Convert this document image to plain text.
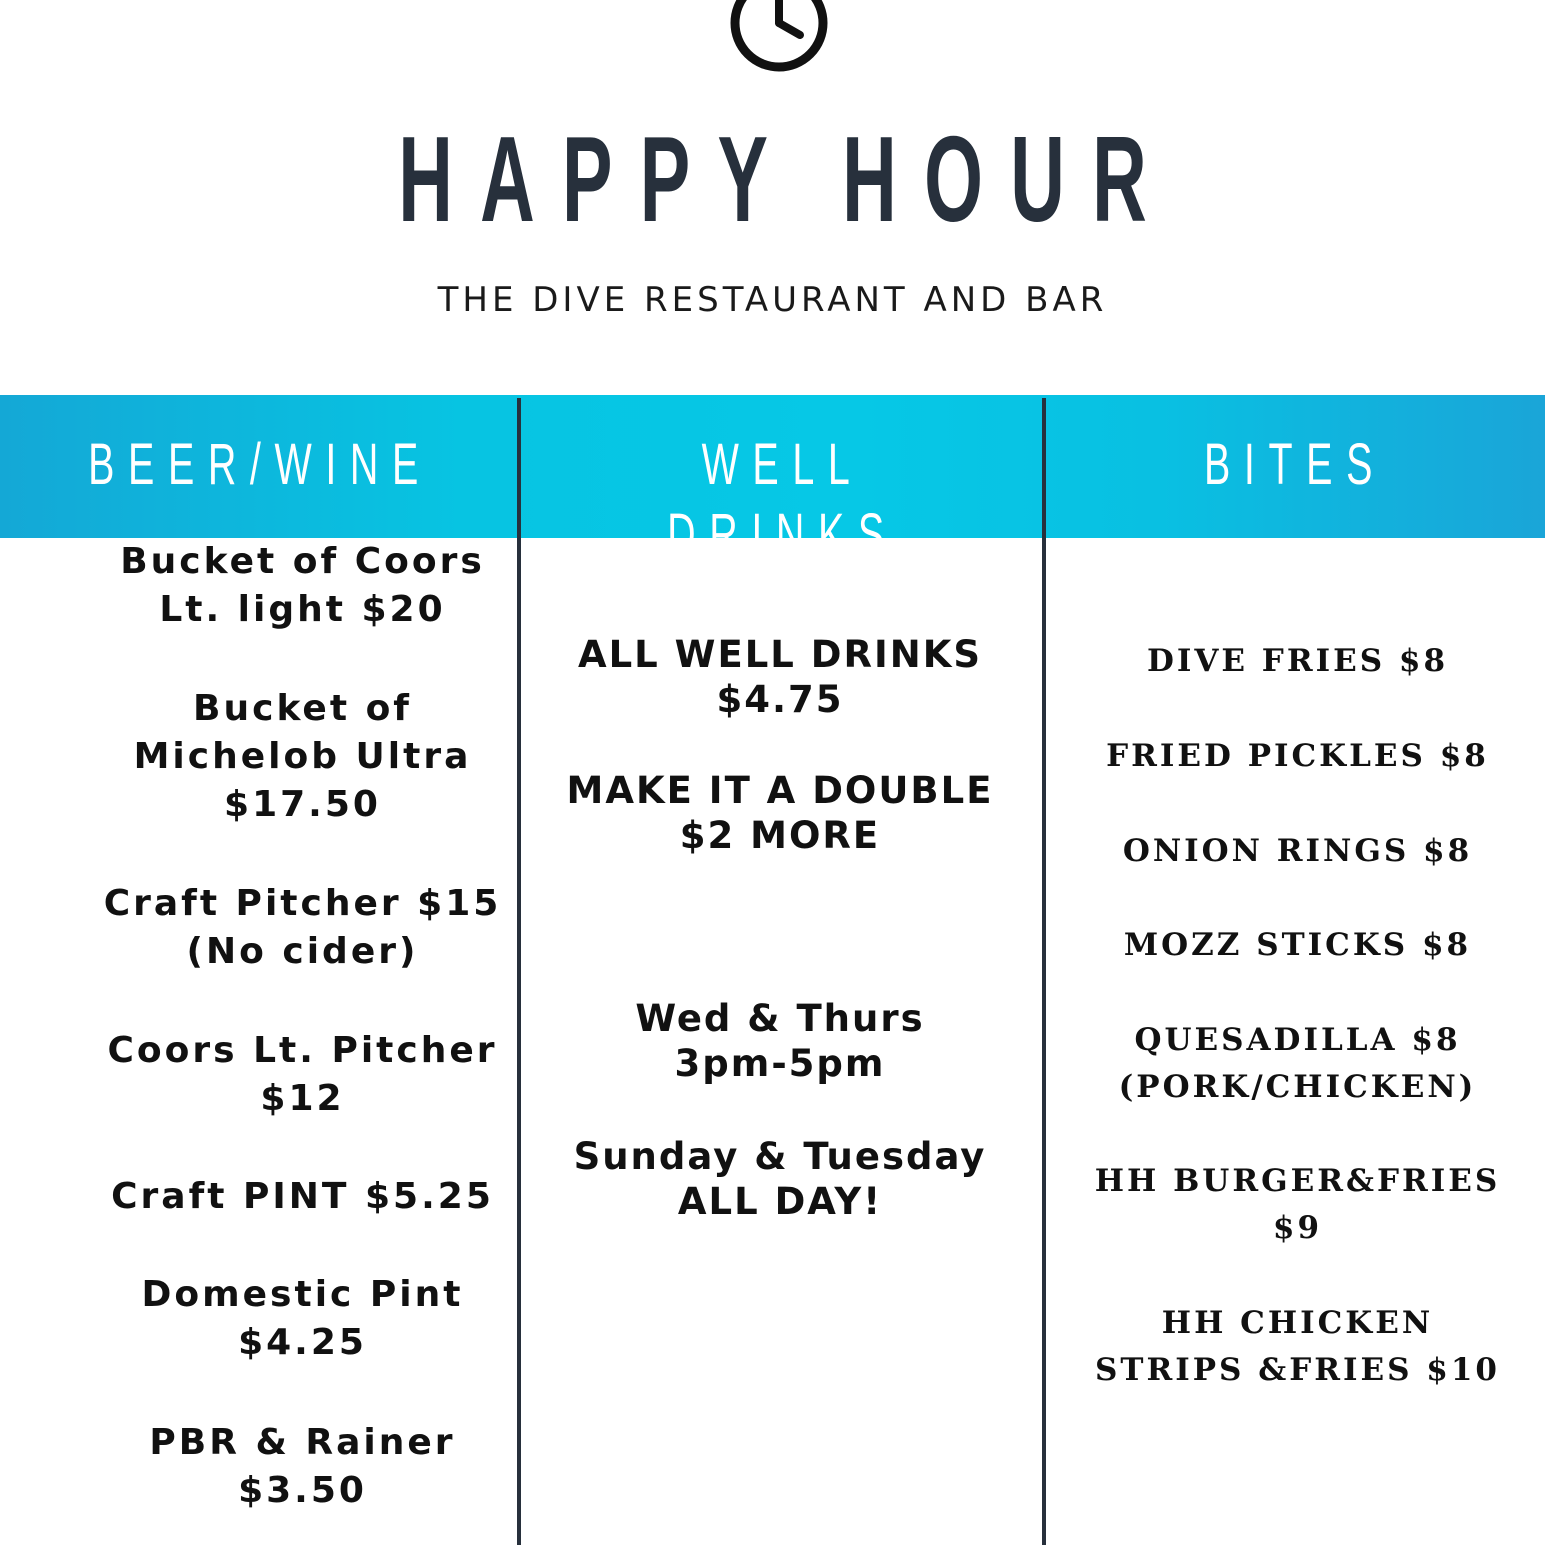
HAPPY HOUR
THE DIVE RESTAURANT AND BAR
BEER/WINE	WELL DRINKS
BITES
Bucket of Coors
Lt. light $20
Bucket of
Michelob Ultra
$17.50
Craft Pitcher $15
(No cider)
Coors Lt. Pitcher
$12
Craft PINT $5.25
Domestic Pint
$4.25
PBR & Rainer
$3.50
ALL WELL DRINKS
$4.75
MAKE IT A DOUBLE
$2 MORE
Wed & Thurs
3pm-5pm
Sunday & Tuesday
ALL DAY!
DIVE FRIES $8
FRIED PICKLES $8
ONION RINGS $8
MOZZ STICKS $8
QUESADILLA $8
(PORK/CHICKEN)
HH BURGER&FRIES
$9
HH CHICKEN
STRIPS &FRIES $10
